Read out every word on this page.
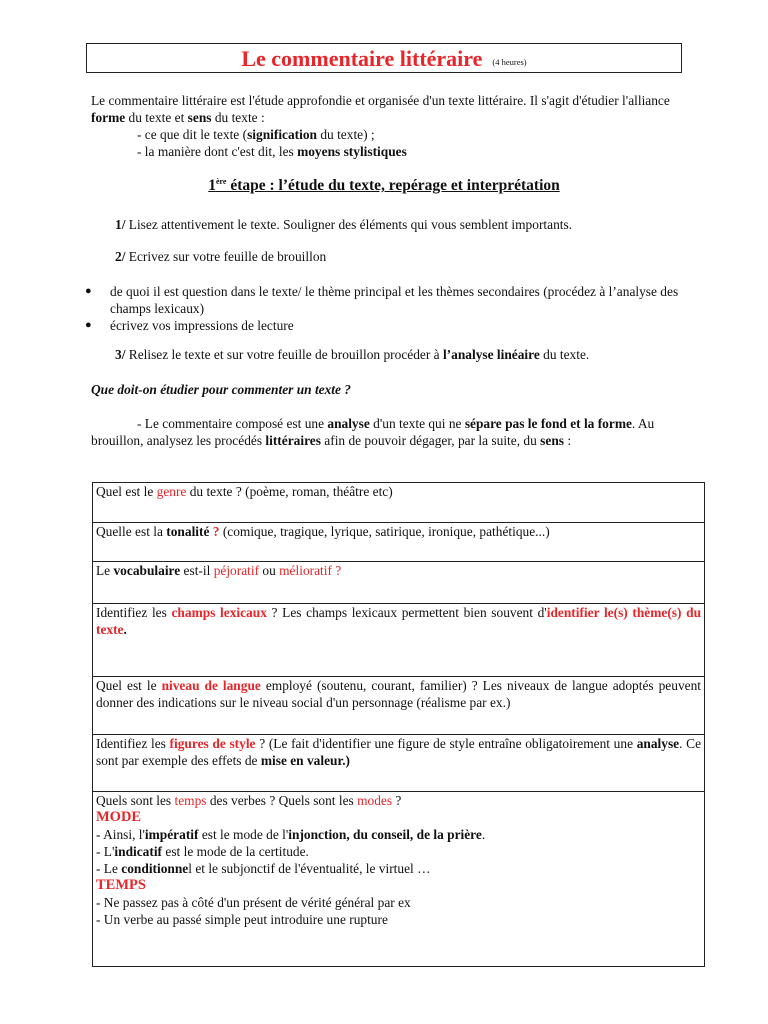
Le commentaire littéraire (4 heures)
Le commentaire littéraire est l'étude approfondie et organisée d'un texte littéraire. Il s'agit d'étudier l'alliance forme du texte et sens du texte :
- ce que dit le texte (signification du texte) ;
- la manière dont c'est dit, les moyens stylistiques
1ère étape : l’étude du texte, repérage et interprétation
1/ Lisez attentivement le texte. Souligner des éléments qui vous semblent importants.
2/ Ecrivez sur votre feuille de brouillon
●	de quoi il est question dans le texte/ le thème principal et les thèmes secondaires (procédez à l’analyse des champs lexicaux)
●	écrivez vos impressions de lecture
3/ Relisez le texte et sur votre feuille de brouillon procéder à l’analyse linéaire du texte.
Que doit-on étudier pour commenter un texte ?
- Le commentaire composé est une analyse d'un texte qui ne sépare pas le fond et la forme. Au brouillon, analysez les procédés littéraires afin de pouvoir dégager, par la suite, du sens :
Quel est le genre du texte ? (poème, roman, théâtre etc)
Quelle est la tonalité ? (comique, tragique, lyrique, satirique, ironique, pathétique...)
Le vocabulaire est-il péjoratif ou mélioratif ?
Identifiez les champs lexicaux ? Les champs lexicaux permettent bien souvent d'identifier le(s) thème(s) du texte.
Quel est le niveau de langue employé (soutenu, courant, familier) ? Les niveaux de langue adoptés peuvent donner des indications sur le niveau social d'un personnage (réalisme par ex.)
Identifiez les figures de style ? (Le fait d'identifier une figure de style entraîne obligatoirement une analyse. Ce sont par exemple des effets de mise en valeur.)

Quels sont les temps des verbes ? Quels sont les modes ?
MODE
- Ainsi, l'impératif est le mode de l'injonction, du conseil, de la prière.
- L'indicatif est le mode de la certitude.
- Le conditionnel et le subjonctif de l'éventualité, le virtuel …
TEMPS
- Ne passez pas à côté d'un présent de vérité général par ex
- Un verbe au passé simple peut introduire une rupture
